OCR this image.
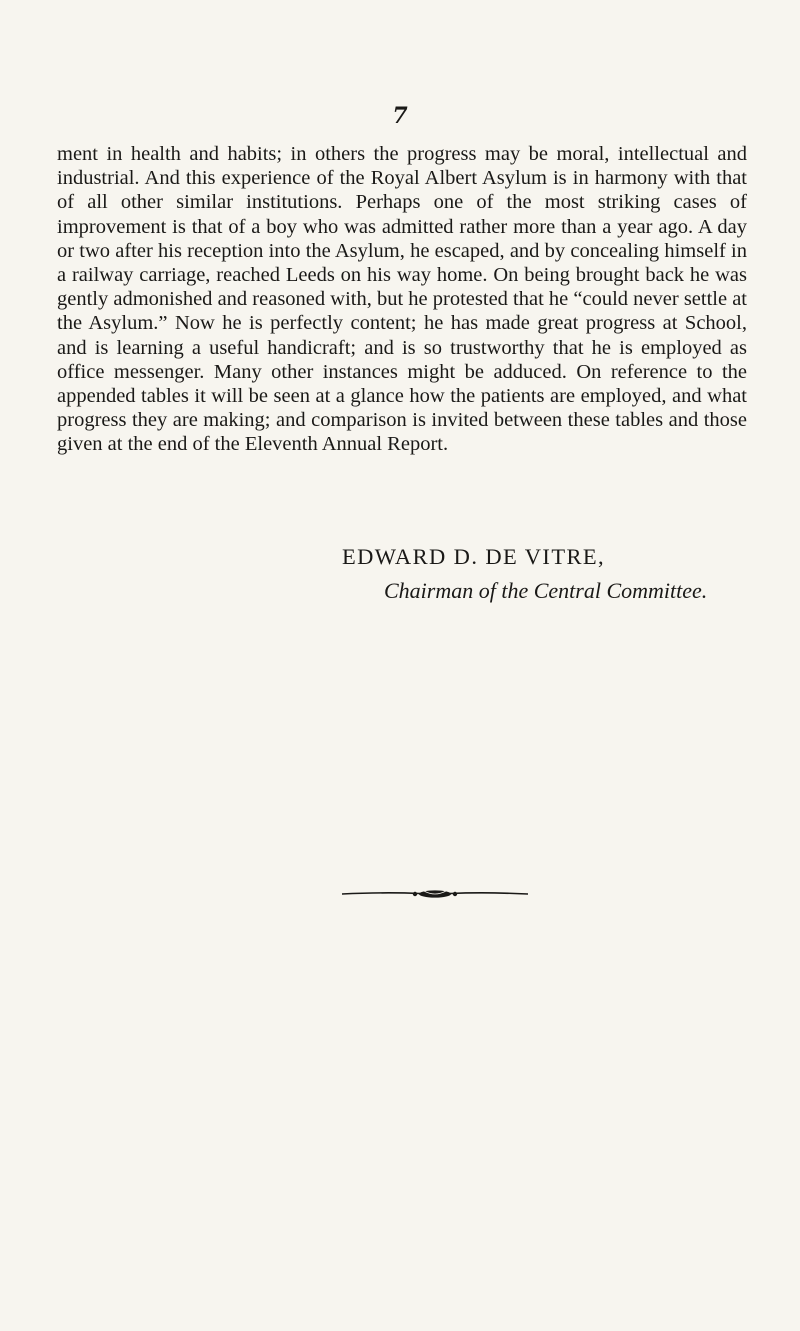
7

ment in health and habits; in others the progress may be moral, intellectual and industrial. And this experience of the Royal Albert Asylum is in harmony with that of all other similar institutions. Perhaps one of the most striking cases of improvement is that of a boy who was admitted rather more than a year ago. A day or two after his reception into the Asylum, he escaped, and by concealing himself in a railway carriage, reached Leeds on his way home. On being brought back he was gently admonished and reasoned with, but he protested that he “could never settle at the Asylum.” Now he is perfectly content; he has made great progress at School, and is learning a useful handicraft; and is so trustworthy that he is employed as office messenger. Many other instances might be adduced. On reference to the appended tables it will be seen at a glance how the patients are employed, and what progress they are making; and comparison is invited between these tables and those given at the end of the Eleventh Annual Report.

EDWARD D. DE VITRE,
Chairman of the Central Committee.
